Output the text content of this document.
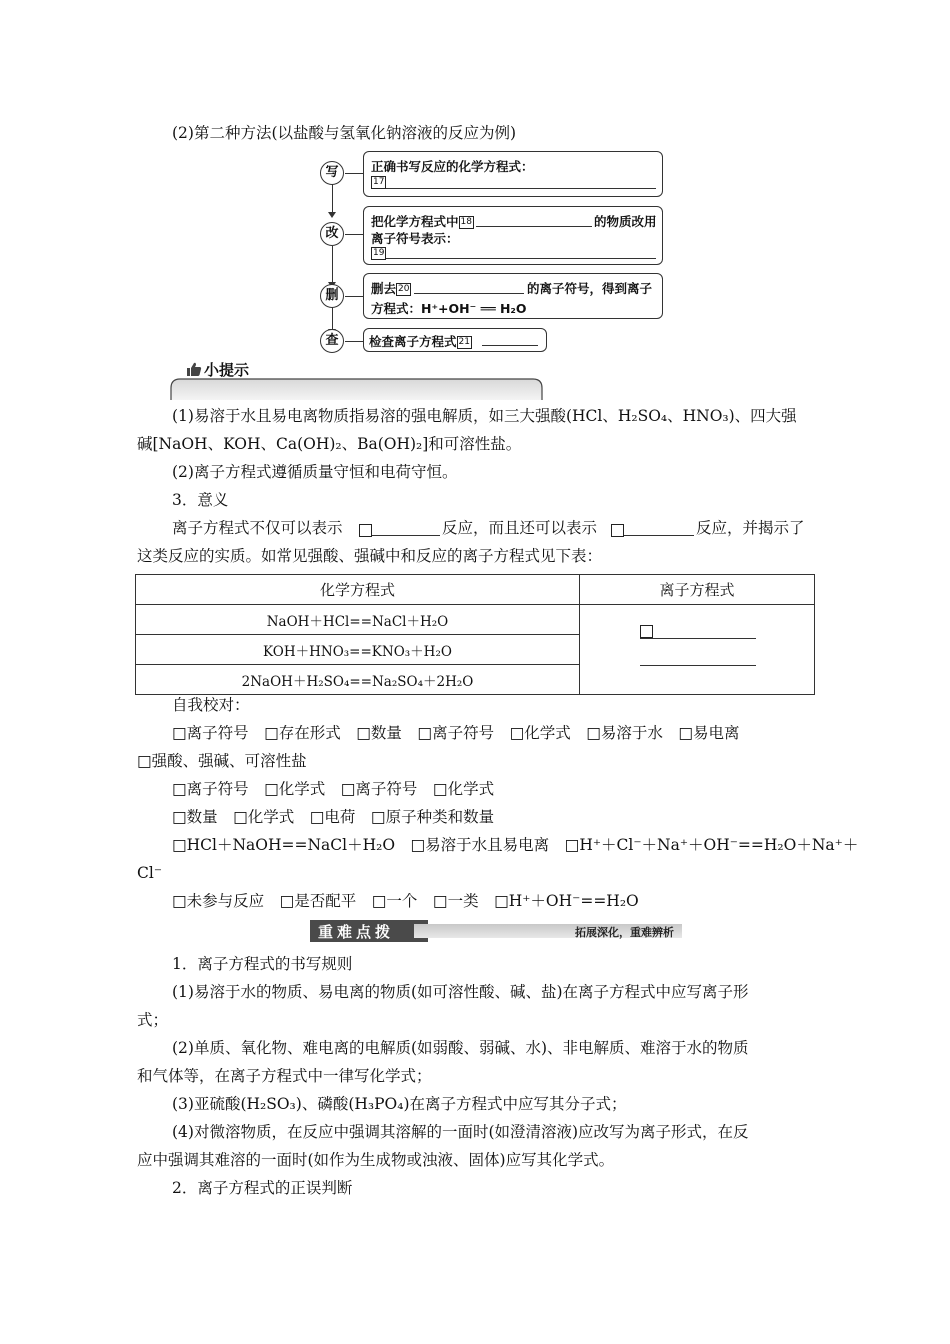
(2)第二种方法(以盐酸与氢氧化钠溶液的反应为例)
写	正确书写反应的化学方程式：
17
改
把化学方程式中 18	的物质改用
离子符号表示：
19
删	删去 20	的离子符号，得到离子
方程式：H⁺+OH⁻ ══ H₂O
查	检查离子方程式 21
小提示
(1)易溶于水且易电离物质指易溶的强电解质，如三大强酸(HCl、H₂SO₄、HNO₃)、四大强
碱[NaOH、KOH、Ca(OH)₂、Ba(OH)₂]和可溶性盐。
(2)离子方程式遵循质量守恒和电荷守恒。
3．意义
离子方程式不仅可以表示	反应，而且还可以表示	反应，并揭示了
这类反应的实质。如常见强酸、强碱中和反应的离子方程式见下表：
化学方程式	离子方程式
NaOH＋HCl==NaCl＋H₂O	

KOH＋HNO₃==KNO₃＋H₂O	
2NaOH＋H₂SO₄==Na₂SO₄＋2H₂O	
自我校对：
□离子符号　□存在形式　□数量　□离子符号　□化学式　□易溶于水　□易电离
□强酸、强碱、可溶性盐
□离子符号　□化学式　□离子符号　□化学式
□数量　□化学式　□电荷　□原子种类和数量
□HCl＋NaOH==NaCl＋H₂O　□易溶于水且易电离　□H⁺＋Cl⁻＋Na⁺＋OH⁻==H₂O＋Na⁺＋
Cl⁻
□未参与反应　□是否配平　□一个　□一类　□H⁺＋OH⁻==H₂O
重难点拨	拓展深化，重难辨析
1．离子方程式的书写规则
(1)易溶于水的物质、易电离的物质(如可溶性酸、碱、盐)在离子方程式中应写离子形
式；
(2)单质、氧化物、难电离的电解质(如弱酸、弱碱、水)、非电解质、难溶于水的物质
和气体等，在离子方程式中一律写化学式；
(3)亚硫酸(H₂SO₃)、磷酸(H₃PO₄)在离子方程式中应写其分子式；
(4)对微溶物质，在反应中强调其溶解的一面时(如澄清溶液)应改写为离子形式，在反
应中强调其难溶的一面时(如作为生成物或浊液、固体)应写其化学式。
2．离子方程式的正误判断
